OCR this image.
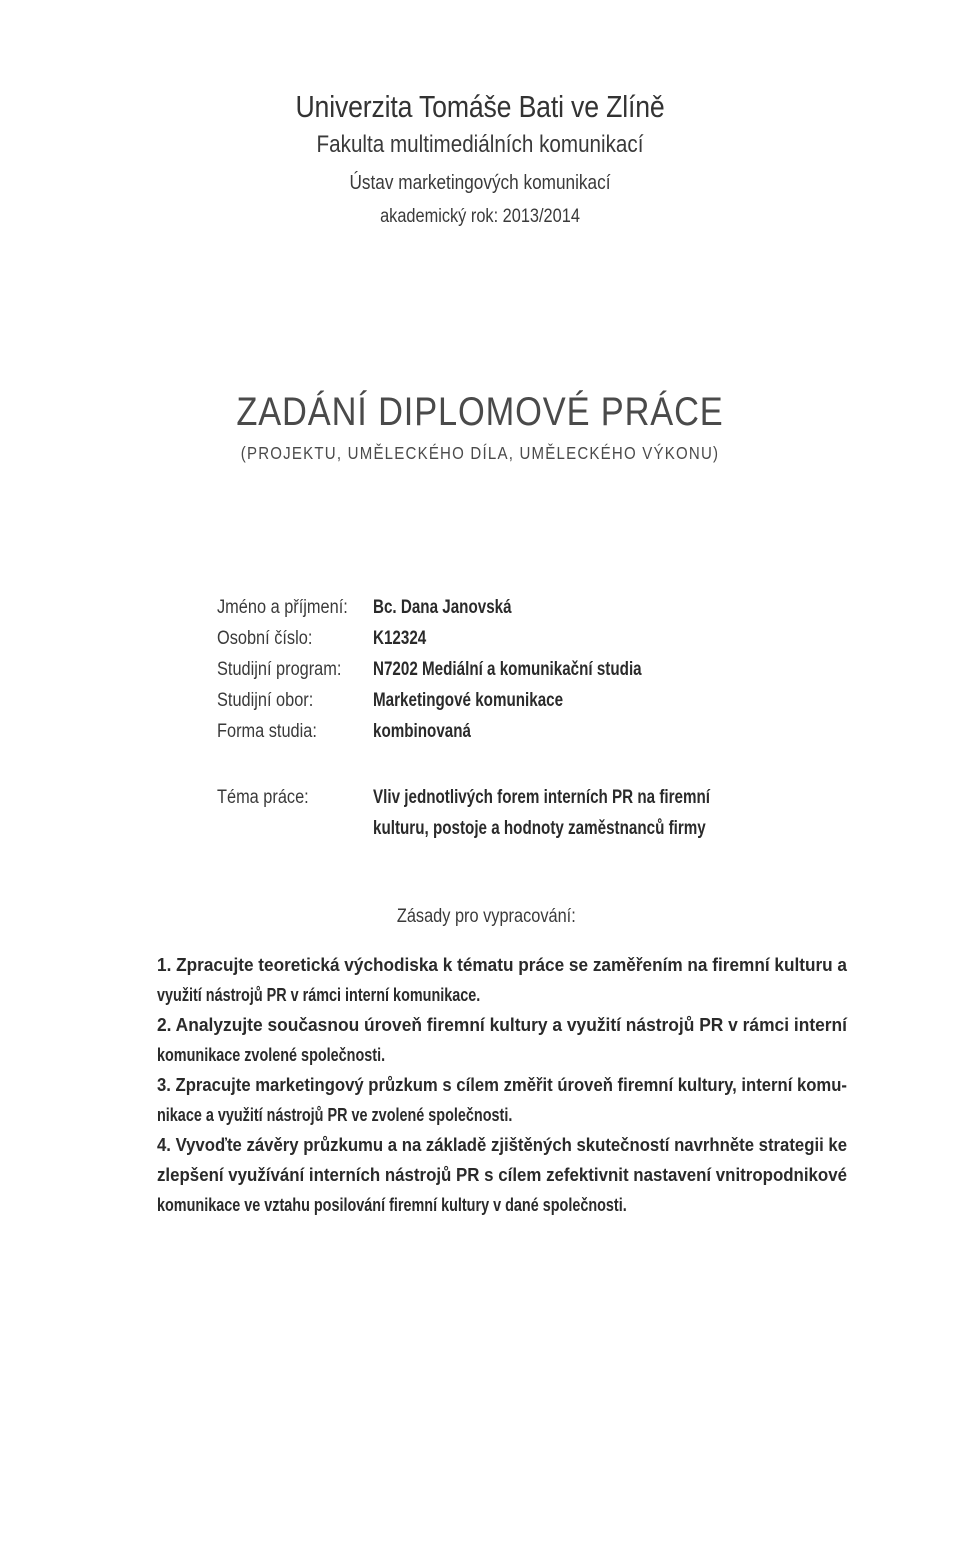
Univerzita Tomáše Bati ve Zlíně
Fakulta multimediálních komunikací
Ústav marketingových komunikací
akademický rok: 2013/2014
ZADÁNÍ DIPLOMOVÉ PRÁCE
(PROJEKTU, UMĚLECKÉHO DÍLA, UMĚLECKÉHO VÝKONU)
Jméno a příjmení: Bc. Dana Janovská
Osobní číslo:	K12324
Studijní program: N7202 Mediální a komunikační studia
Studijní obor:	Marketingové komunikace
Forma studia:	kombinovaná
Téma práce:	Vliv jednotlivých forem interních PR na firemní
kulturu, postoje a hodnoty zaměstnanců firmy
Zásady pro vypracování:
1. Zpracujte teoretická východiska k tématu práce se zaměřením na firemní kulturu a
využití nástrojů PR v rámci interní komunikace.
2. Analyzujte současnou úroveň firemní kultury a využití nástrojů PR v rámci interní
komunikace zvolené společnosti.
3. Zpracujte marketingový průzkum s cílem změřit úroveň firemní kultury, interní komu-
nikace a využití nástrojů PR ve zvolené společnosti.
4. Vyvoďte závěry průzkumu a na základě zjištěných skutečností navrhněte strategii ke
zlepšení využívání interních nástrojů PR s cílem zefektivnit nastavení vnitropodnikové
komunikace ve vztahu posilování firemní kultury v dané společnosti.
